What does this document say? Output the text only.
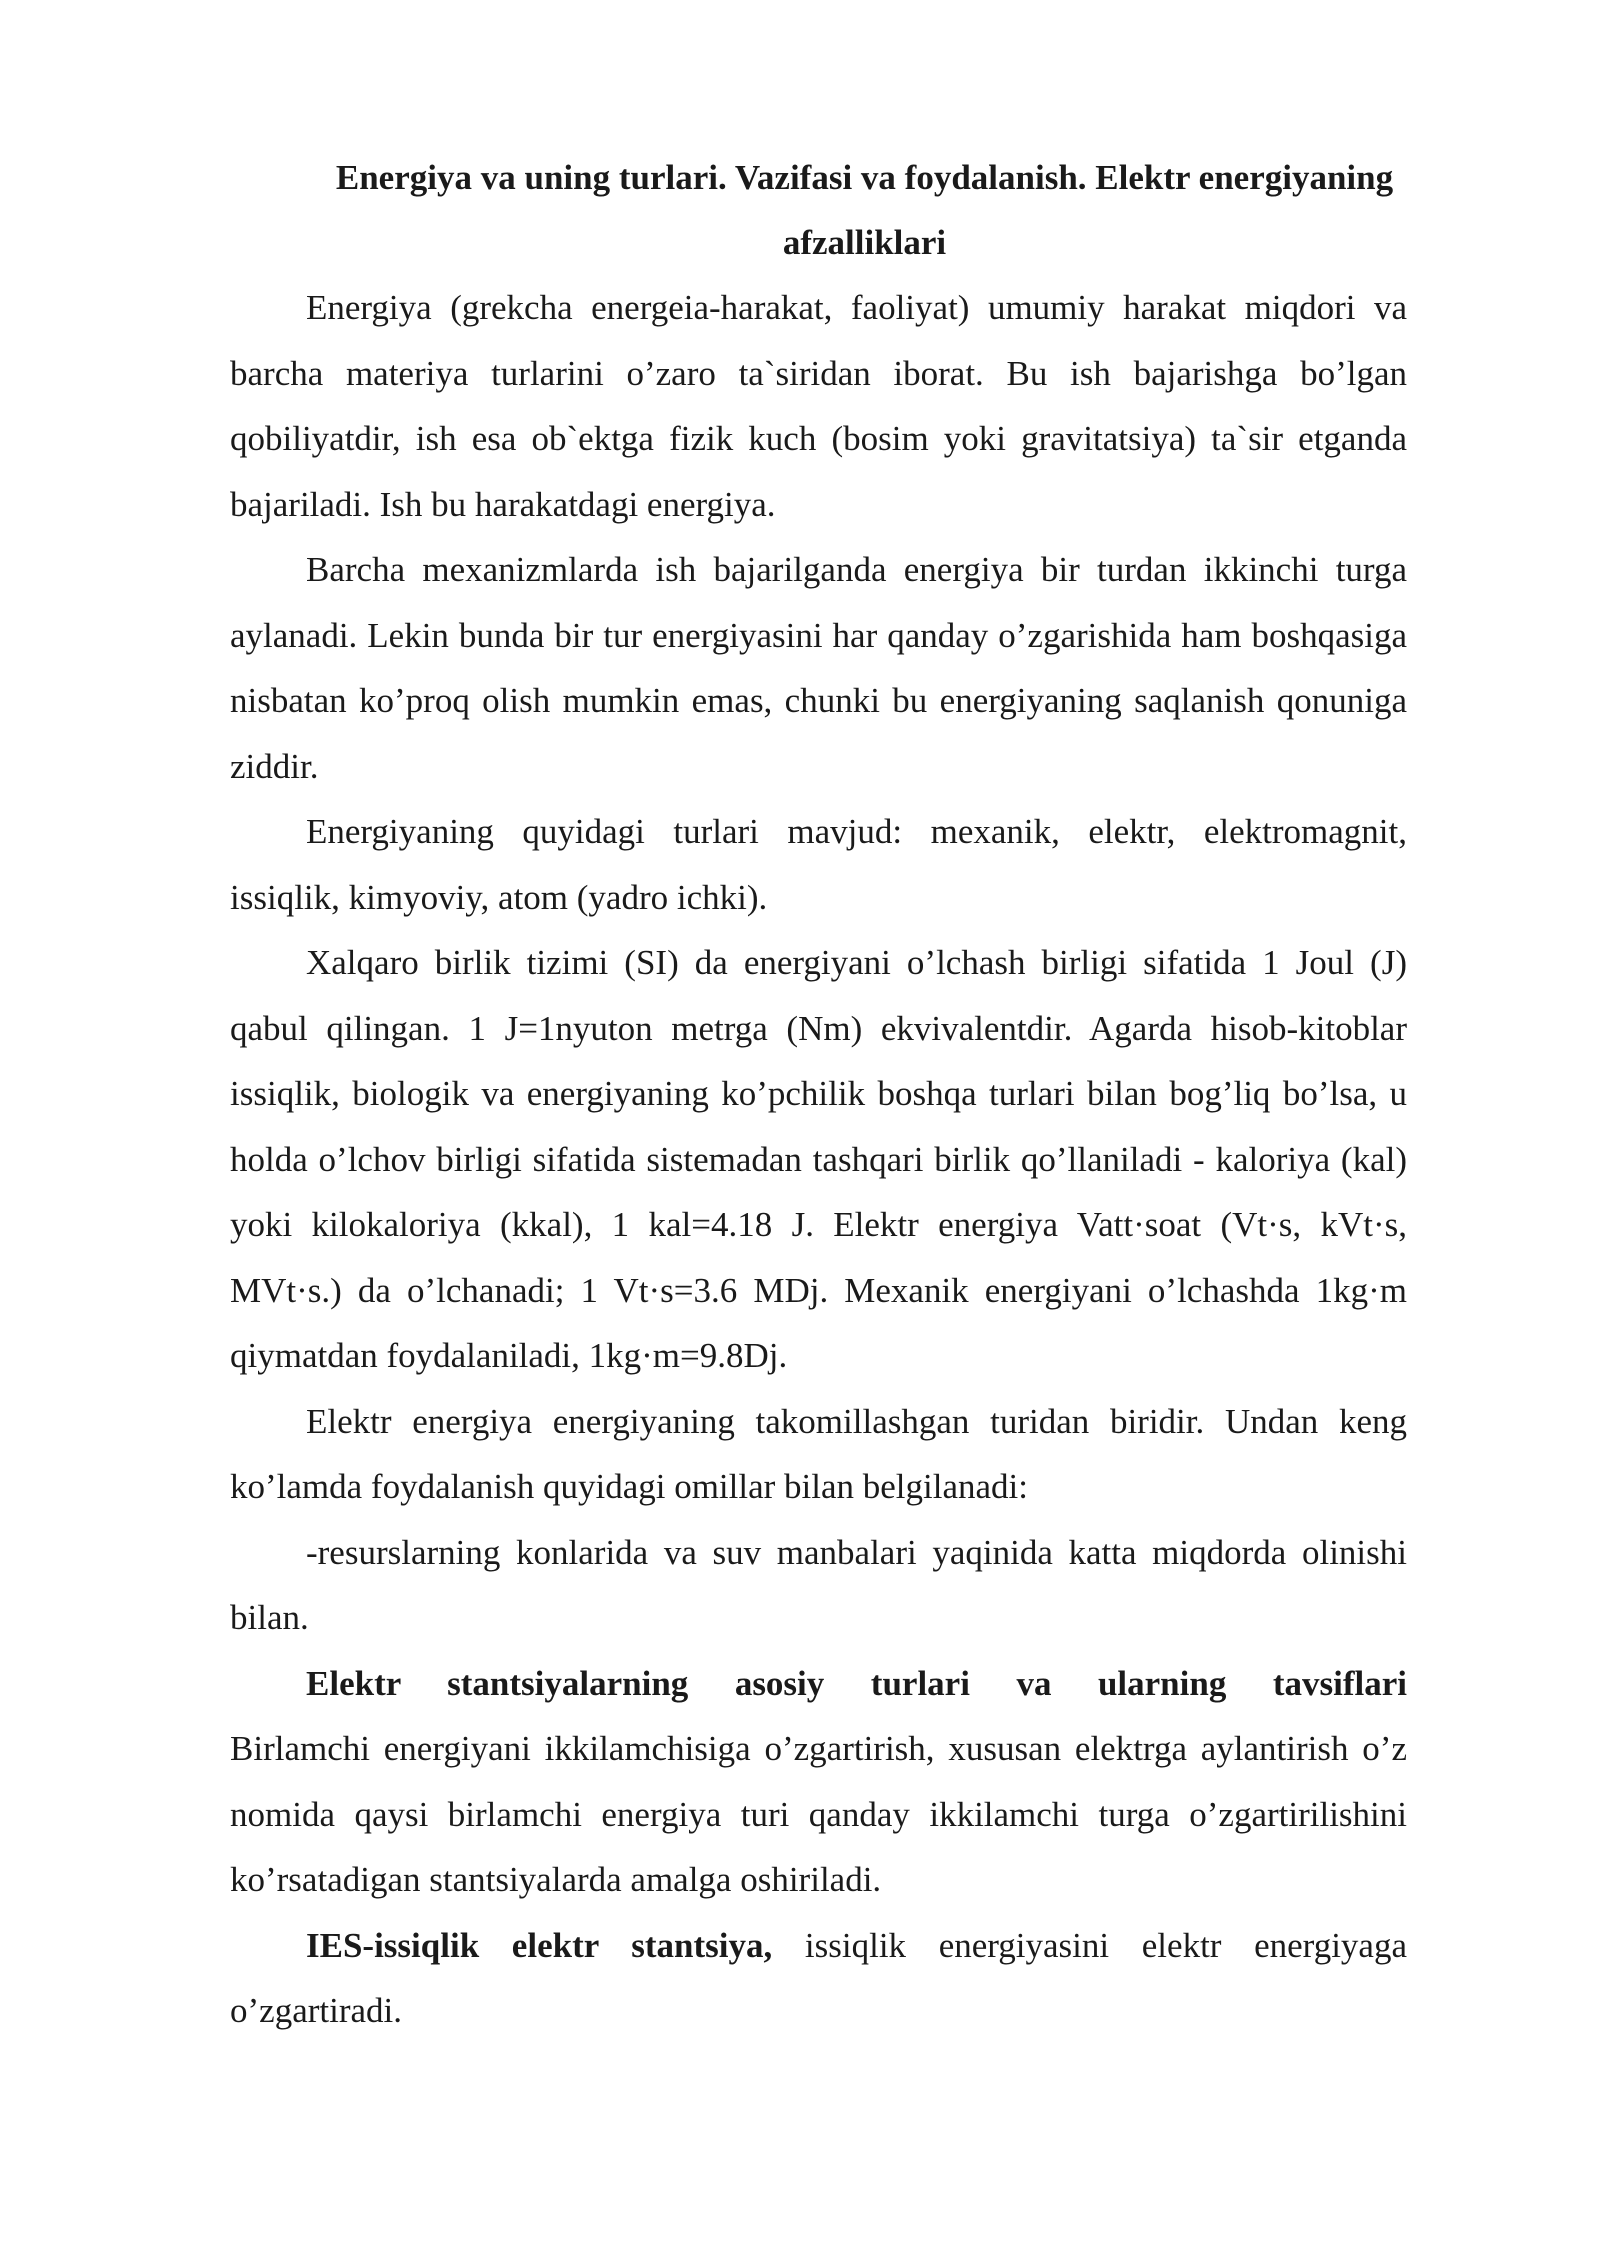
Energiya va uning turlari. Vazifasi va foydalanish. Elektr energiyaning afzalliklari

Energiya (grekcha energeia-harakat, faoliyat) umumiy harakat miqdori va barcha materiya turlarini o’zaro ta`siridan iborat. Bu ish bajarishga bo’lgan qobiliyatdir, ish esa ob`ektga fizik kuch (bosim yoki gravitatsiya) ta`sir etganda bajariladi. Ish bu harakatdagi energiya.

Barcha mexanizmlarda ish bajarilganda energiya bir turdan ikkinchi turga aylanadi. Lekin bunda bir tur energiyasini har qanday o’zgarishida ham boshqasiga nisbatan ko’proq olish mumkin emas, chunki bu energiyaning saqlanish qonuniga ziddir.

Energiyaning quyidagi turlari mavjud: mexanik, elektr, elektromagnit, issiqlik, kimyoviy, atom (yadro ichki).

Xalqaro birlik tizimi (SI) da energiyani o’lchash birligi sifatida 1 Joul (J) qabul qilingan. 1 J=1nyuton metrga (Nm) ekvivalentdir. Agarda hisob-kitoblar issiqlik, biologik va energiyaning ko’pchilik boshqa turlari bilan bog’liq bo’lsa, u holda o’lchov birligi sifatida sistemadan tashqari birlik qo’llaniladi - kaloriya (kal) yoki kilokaloriya (kkal), 1 kal=4.18 J. Elektr energiya Vatt·soat (Vt·s, kVt·s, MVt·s.) da o’lchanadi; 1 Vt·s=3.6 MDj. Mexanik energiyani o’lchashda 1kg·m qiymatdan foydalaniladi, 1kg·m=9.8Dj.

Elektr energiya energiyaning takomillashgan turidan biridir. Undan keng ko’lamda foydalanish quyidagi omillar bilan belgilanadi:

-resurslarning konlarida va suv manbalari yaqinida katta miqdorda olinishi bilan.

Elektr stantsiyalarning asosiy turlari va ularning tavsiflari
Birlamchi energiyani ikkilamchisiga o’zgartirish, xususan elektrga aylantirish o’z nomida qaysi birlamchi energiya turi qanday ikkilamchi turga o’zgartirilishini ko’rsatadigan stantsiyalarda amalga oshiriladi.

IES-issiqlik elektr stantsiya, issiqlik energiyasini elektr energiyaga o’zgartiradi.
